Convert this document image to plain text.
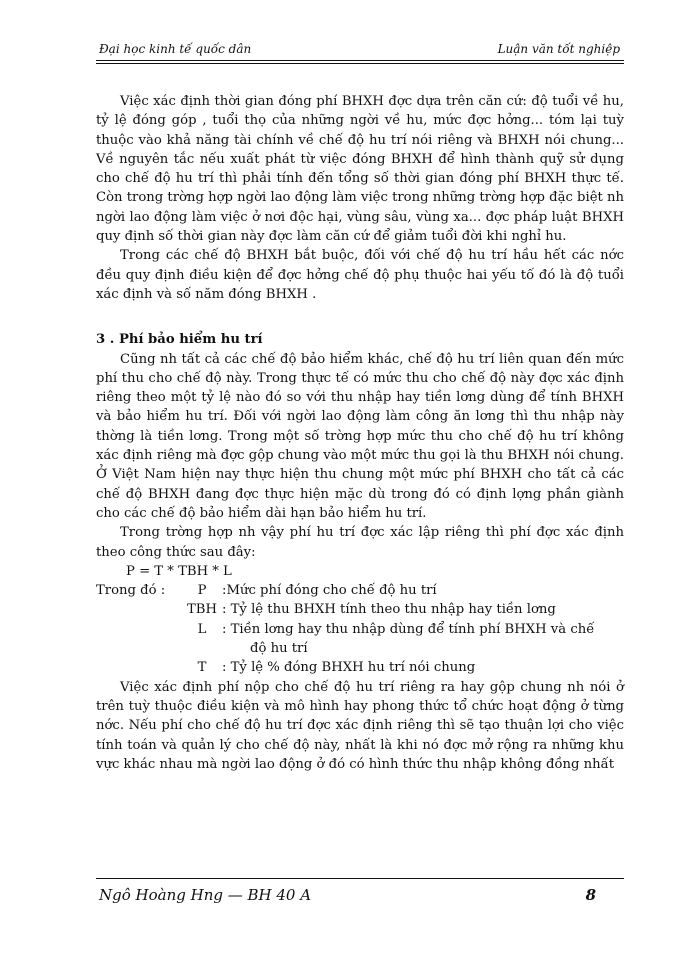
Đại học kinh tế quốc dân	Luận văn tốt nghiệp

Việc xác định thời gian đóng phí BHXH đợc dựa trên căn cứ: độ tuổi về hu, tỷ lệ đóng góp , tuổi thọ của những ngời về hu, mức đợc hởng... tóm lại tuỳ thuộc vào khả năng tài chính về chế độ hu trí nói riêng và BHXH nói chung... Về nguyên tắc nếu xuất phát từ việc đóng BHXH để hình thành quỹ sử dụng cho chế độ hu trí thì phải tính đến tổng số thời gian đóng phí BHXH thực tế. Còn trong trờng hợp ngời lao động làm việc trong những trờng hợp đặc biệt nh ngời lao động làm việc ở nơi độc hại, vùng sâu, vùng xa... đợc pháp luật BHXH quy định số thời gian này đợc làm căn cứ để giảm tuổi đời khi nghỉ hu.

Trong các chế độ BHXH bắt buộc, đối với chế độ hu trí hầu hết các nớc đều quy định điều kiện để đợc hởng chế độ phụ thuộc hai yếu tố đó là độ tuổi xác định và số năm đóng BHXH .

3 . Phí bảo hiểm hu trí

Cũng nh tất cả các chế độ bảo hiểm khác, chế độ hu trí liên quan đến mức phí thu cho chế độ này. Trong thực tế có mức thu cho chế độ này đợc xác định riêng theo một tỷ lệ nào đó so với thu nhập hay tiền lơng dùng để tính BHXH và bảo hiểm hu trí. Đối với ngời lao động làm công ăn lơng thì thu nhập này thờng là tiền lơng. Trong một số trờng hợp mức thu cho chế độ hu trí không xác định riêng mà đợc gộp chung vào một mức thu gọi là thu BHXH nói chung. Ở Việt Nam hiện nay thực hiện thu chung một mức phí BHXH cho tất cả các chế độ BHXH đang đợc thực hiện mặc dù trong đó có định lợng phần giành cho các chế độ bảo hiểm dài hạn bảo hiểm hu trí.

Trong trờng hợp nh vậy phí hu trí đợc xác lập riêng thì phí đợc xác định theo công thức sau đây:

P = T * TBH * L

Trong đó :	P	:Mức phí đóng cho chế độ hu trí
TBH : Tỷ lệ thu BHXH tính theo thu nhập hay tiền lơng
L	: Tiền lơng hay thu nhập dùng để tính phí BHXH và chế
độ hu trí
T	: Tỷ lệ % đóng BHXH hu trí nói chung

Việc xác định phí nộp cho chế độ hu trí riêng ra hay gộp chung nh nói ở trên tuỳ thuộc điều kiện và mô hình hay phong thức tổ chức hoạt động ở từng nớc. Nếu phí cho chế độ hu trí đợc xác định riêng thì sẽ tạo thuận lợi cho việc tính toán và quản lý cho chế độ này, nhất là khi nó đợc mở rộng ra những khu vực khác nhau mà ngời lao động ở đó có hình thức thu nhập không đồng nhất

Ngô Hoàng Hng — BH 40 A	8
